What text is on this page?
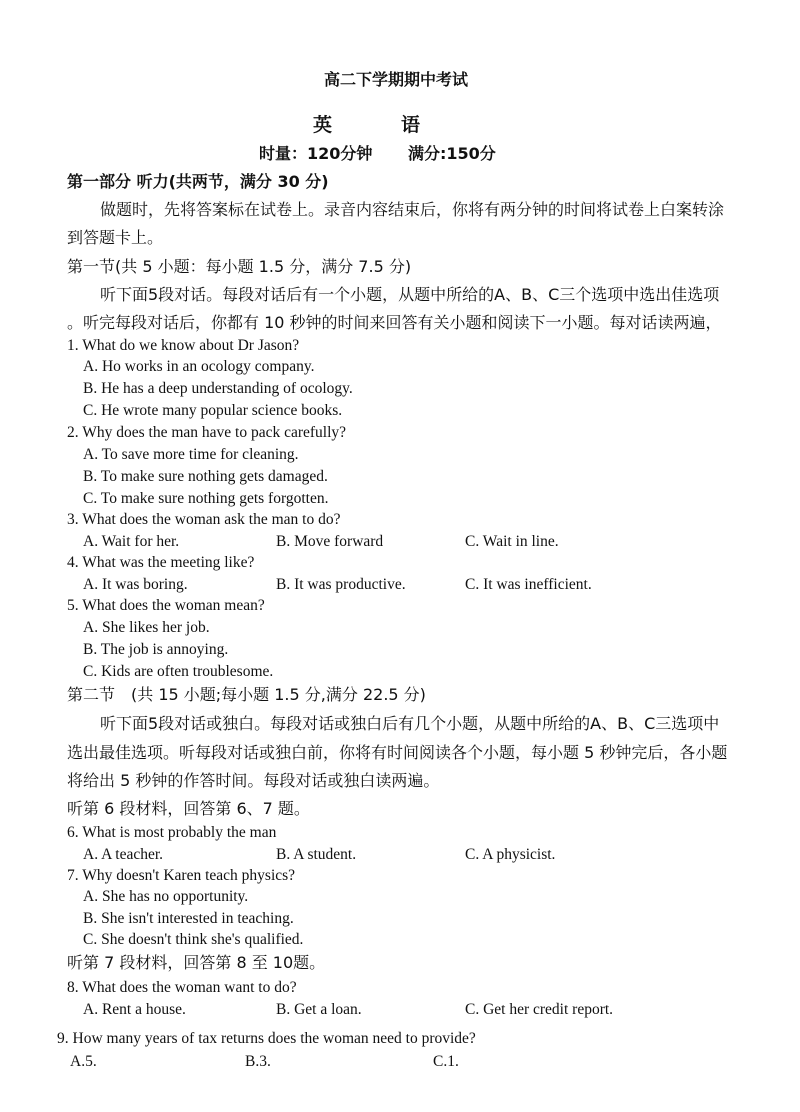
高二下学期期中考试
英	语
时量：120分钟 满分:150分
第一部分 听力(共两节，满分 30 分)
做题时，先将答案标在试卷上。录音内容结束后，你将有两分钟的时间将试卷上白案转涂
到答题卡上。
第一节(共 5 小题：每小题 1.5 分，满分 7.5 分)
听下面5段对话。每段对话后有一个小题，从题中所给的A、B、C三个选项中选出佳选项
。听完每段对话后，你都有 10 秒钟的时间来回答有关小题和阅读下一小题。每对话读两遍，
1. What do we know about Dr Jason?
A. Ho works in an ocology company.
B. He has a deep understanding of ocology.
C. He wrote many popular science books.
2. Why does the man have to pack carefully?
A. To save more time for cleaning.
B. To make sure nothing gets damaged.
C. To make sure nothing gets forgotten.
3. What does the woman ask the man to do?
A. Wait for her.	B. Move forward	C. Wait in line.
4. What was the meeting like?
A. It was boring.	B. It was productive.	C. It was inefficient.
5. What does the woman mean?
A. She likes her job.
B. The job is annoying.
C. Kids are often troublesome.
第二节　(共 15 小题;每小题 1.5 分,满分 22.5 分)
听下面5段对话或独白。每段对话或独白后有几个小题，从题中所给的A、B、C三选项中
选出最佳选项。听每段对话或独白前，你将有时间阅读各个小题，每小题 5 秒钟完后，各小题
将给出 5 秒钟的作答时间。每段对话或独白读两遍。
听第 6 段材料，回答第 6、7 题。
6. What is most probably the man
A. A teacher.	B. A student.	C. A physicist.
7. Why doesn't Karen teach physics?
A. She has no opportunity.
B. She isn't interested in teaching.
C. She doesn't think she's qualified.
听第 7 段材料，回答第 8 至 10题。
8. What does the woman want to do?
A. Rent a house.	B. Get a loan.	C. Get her credit report.
9. How many years of tax returns does the woman need to provide?
A.5.	B.3.	C.1.
